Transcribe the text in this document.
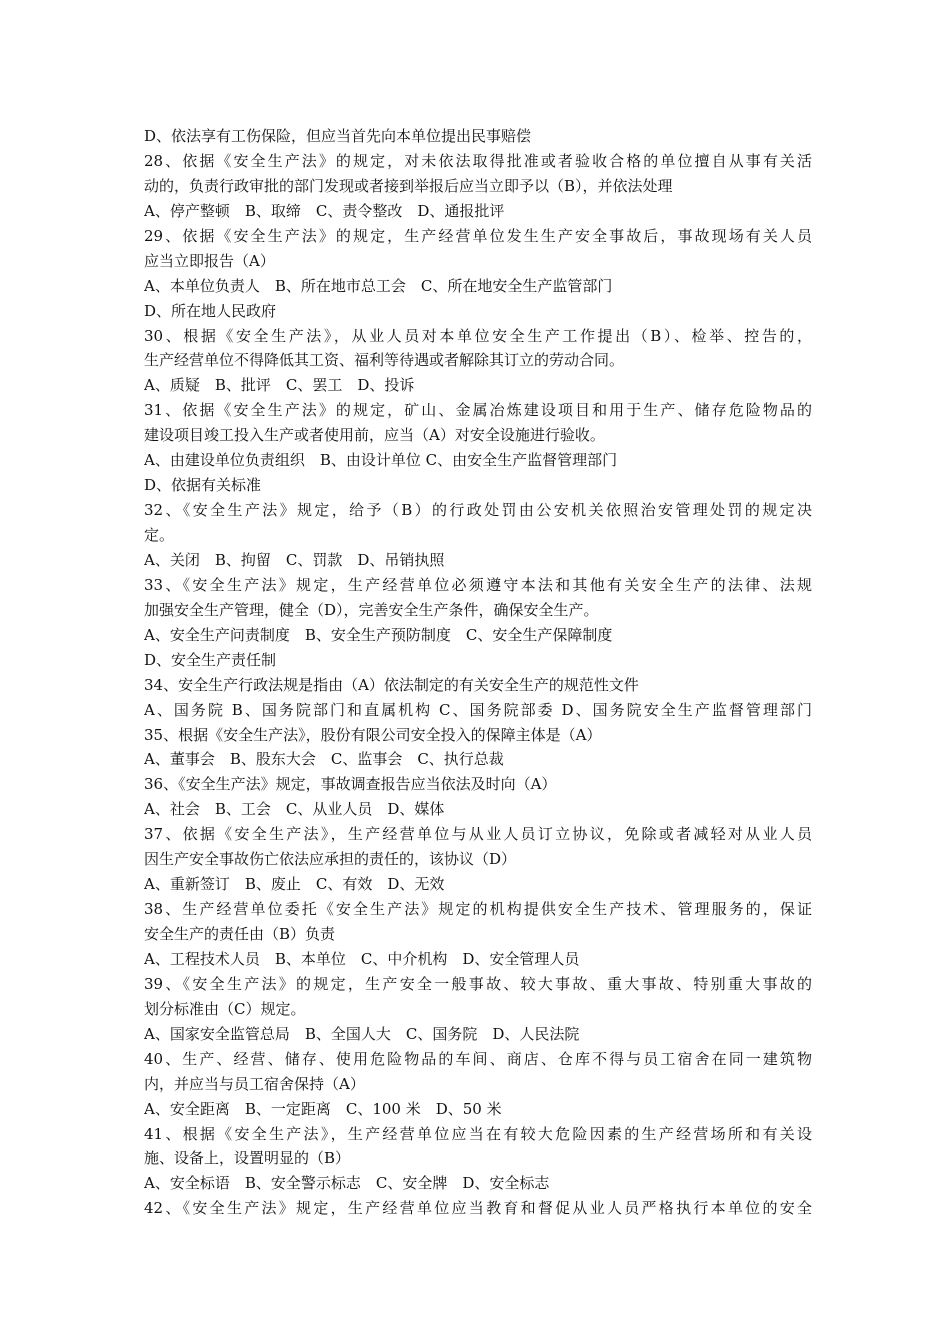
D、依法享有工伤保险，但应当首先向本单位提出民事赔偿
28、依据《安全生产法》的规定，对未依法取得批准或者验收合格的单位擅自从事有关活
动的，负责行政审批的部门发现或者接到举报后应当立即予以（B），并依法处理
A、停产整顿　B、取缔　C、责令整改　D、通报批评
29、依据《安全生产法》的规定，生产经营单位发生生产安全事故后，事故现场有关人员
应当立即报告（A）
A、本单位负责人　B、所在地市总工会　C、所在地安全生产监管部门
D、所在地人民政府
30、根据《安全生产法》，从业人员对本单位安全生产工作提出（B）、检举、控告的，
生产经营单位不得降低其工资、福利等待遇或者解除其订立的劳动合同。
A、质疑　B、批评　C、罢工　D、投诉
31、依据《安全生产法》的规定，矿山、金属冶炼建设项目和用于生产、储存危险物品的
建设项目竣工投入生产或者使用前，应当（A）对安全设施进行验收。
A、由建设单位负责组织　B、由设计单位 C、由安全生产监督管理部门
D、依据有关标准
32、《安全生产法》规定，给予（B）的行政处罚由公安机关依照治安管理处罚的规定决
定。
A、关闭　B、拘留　C、罚款　D、吊销执照
33、《安全生产法》规定，生产经营单位必须遵守本法和其他有关安全生产的法律、法规
加强安全生产管理，健全（D），完善安全生产条件，确保安全生产。
A、安全生产问责制度　B、安全生产预防制度　C、安全生产保障制度
D、安全生产责任制
34、安全生产行政法规是指由（A）依法制定的有关安全生产的规范性文件
A、国务院 B、国务院部门和直属机构 C、国务院部委 D、国务院安全生产监督管理部门
35、根据《安全生产法》，股份有限公司安全投入的保障主体是（A）
A、董事会　B、股东大会　C、监事会　C、执行总裁
36、《安全生产法》规定，事故调查报告应当依法及时向（A）
A、社会　B、工会　C、从业人员　D、媒体
37、依据《安全生产法》，生产经营单位与从业人员订立协议，免除或者减轻对从业人员
因生产安全事故伤亡依法应承担的责任的，该协议（D）
A、重新签订　B、废止　C、有效　D、无效
38、生产经营单位委托《安全生产法》规定的机构提供安全生产技术、管理服务的，保证
安全生产的责任由（B）负责
A、工程技术人员　B、本单位　C、中介机构　D、安全管理人员
39、《安全生产法》的规定，生产安全一般事故、较大事故、重大事故、特别重大事故的
划分标准由（C）规定。
A、国家安全监管总局　B、全国人大　C、国务院　D、人民法院
40、生产、经营、储存、使用危险物品的车间、商店、仓库不得与员工宿舍在同一建筑物
内，并应当与员工宿舍保持（A）
A、安全距离　B、一定距离　C、100 米　D、50 米
41、根据《安全生产法》，生产经营单位应当在有较大危险因素的生产经营场所和有关设
施、设备上，设置明显的（B）
A、安全标语　B、安全警示标志　C、安全牌　D、安全标志
42、《安全生产法》规定，生产经营单位应当教育和督促从业人员严格执行本单位的安全
